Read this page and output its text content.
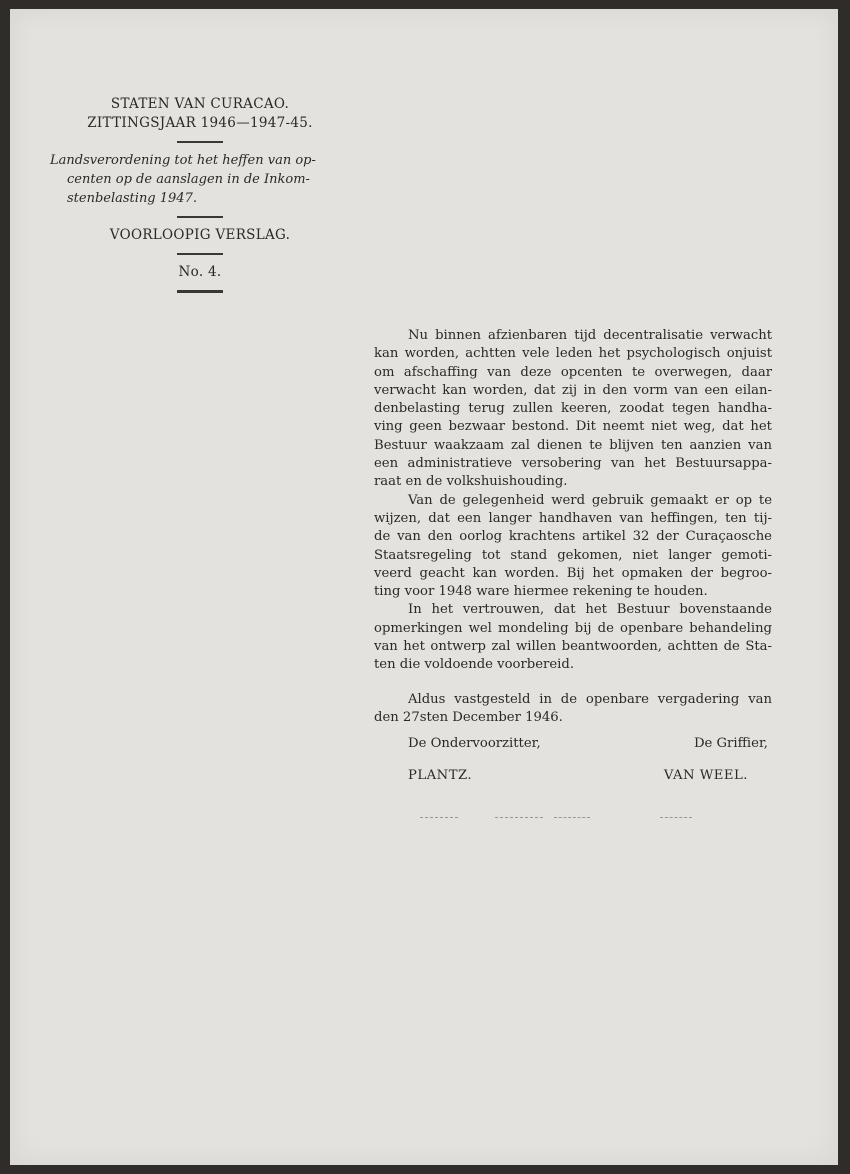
STATEN VAN CURACAO.
ZITTINGSJAAR 1946—1947-45.
Landsverordening tot het heffen van op-
centen op de aanslagen in de Inkom-
stenbelasting 1947.
VOORLOOPIG VERSLAG.
No. 4.

Nu binnen afzienbaren tijd decentralisatie verwacht
kan worden, achtten vele leden het psychologisch onjuist
om afschaffing van deze opcenten te overwegen, daar
verwacht kan worden, dat zij in den vorm van een eilan-
denbelasting terug zullen keeren, zoodat tegen handha-
ving geen bezwaar bestond. Dit neemt niet weg, dat het
Bestuur waakzaam zal dienen te blijven ten aanzien van
een administratieve versobering van het Bestuursappa-
raat en de volkshuishouding.

Van de gelegenheid werd gebruik gemaakt er op te
wijzen, dat een langer handhaven van heffingen, ten tij-
de van den oorlog krachtens artikel 32 der Curaçaosche
Staatsregeling tot stand gekomen, niet langer gemoti-
veerd geacht kan worden. Bij het opmaken der begroo-
ting voor 1948 ware hiermee rekening te houden.

In het vertrouwen, dat het Bestuur bovenstaande
opmerkingen wel mondeling bij de openbare behandeling
van het ontwerp zal willen beantwoorden, achtten de Sta-
ten die voldoende voorbereid.

Aldus vastgesteld in de openbare vergadering van
den 27sten December 1946.

De Ondervoorzitter,	De Griffier,
PLANTZ.	VAN WEEL.
